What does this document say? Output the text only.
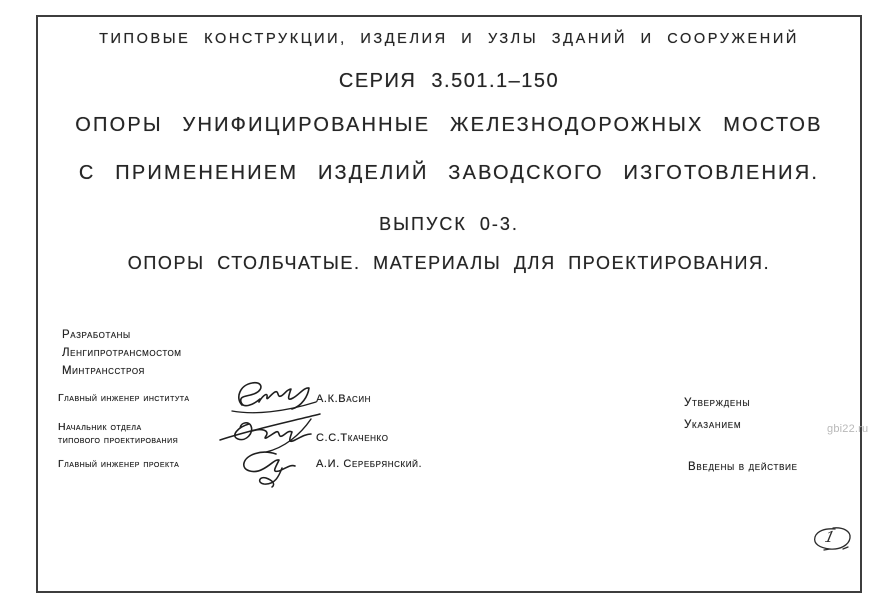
ТИПОВЫЕ КОНСТРУКЦИИ, ИЗДЕЛИЯ И УЗЛЫ ЗДАНИЙ И СООРУЖЕНИЙ
СЕРИЯ 3.501.1–150
ОПОРЫ УНИФИЦИРОВАННЫЕ ЖЕЛЕЗНОДОРОЖНЫХ МОСТОВ
С ПРИМЕНЕНИЕМ ИЗДЕЛИЙ ЗАВОДСКОГО ИЗГОТОВЛЕНИЯ.
ВЫПУСК 0-3.
ОПОРЫ СТОЛБЧАТЫЕ. МАТЕРИАЛЫ ДЛЯ ПРОЕКТИРОВАНИЯ.
Разработаны
Ленгипротрансмостом
Минтрансстроя
Главный инженер института
Начальник отдела
типового проектирования
Главный инженер проекта
А.К.Васин
С.С.Ткаченко
А.И. Серебрянский.
Утверждены
Указанием
Введены в действие
gbi22.ru
1
